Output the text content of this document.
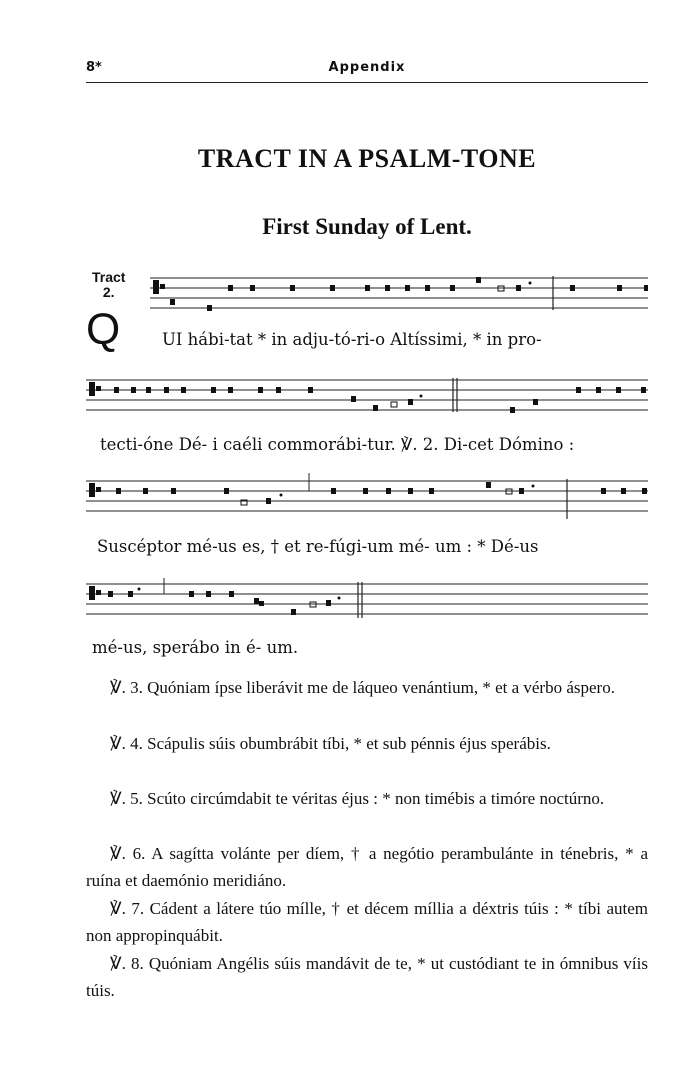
8*	Appendix
TRACT IN A PSALM-TONE
First Sunday of Lent.
Tract
2.
Q	UI hábi-tat * in adju-tó-ri-o Altíssimi, * in pro-
tecti-óne Dé- i caéli commorábi-tur. ℣. 2. Di-cet Dómino :
Suscéptor mé-us es, † et re-fúgi-um mé- um : * Dé-us
mé-us, sperábo in é- um.
℣. 3. Quóniam ípse liberávit me de láqueo venántium, * et a vérbo áspero.
℣. 4. Scápulis súis obumbrábit tíbi, * et sub pénnis éjus sperábis.
℣. 5. Scúto circúmdabit te véritas éjus : * non timébis a timóre noctúrno.
℣. 6. A sagítta volánte per díem, † a negótio perambulánte in ténebris, * a ruína et daemónio meridiáno.
℣. 7. Cádent a látere túo mílle, † et décem míllia a déxtris túis : * tíbi autem non appropinquábit.
℣. 8. Quóniam Angélis súis mandávit de te, * ut custódiant te in ómnibus víis túis.
